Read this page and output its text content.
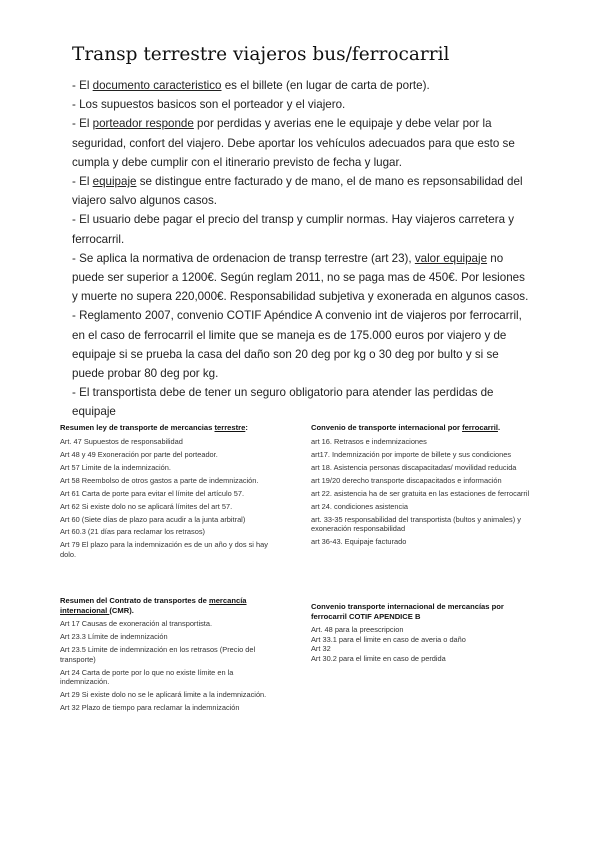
Transp terrestre viajeros bus/ferrocarril

- El documento caracteristico es el billete (en lugar de carta de porte).

- Los supuestos basicos son el porteador y el viajero.

- El porteador responde por perdidas y averias ene le equipaje y debe velar por la seguridad, confort del viajero. Debe aportar los vehículos adecuados para que esto se cumpla y debe cumplir con el itinerario previsto de fecha y lugar.

- El equipaje se distingue entre facturado y de mano, el de mano es repsonsabilidad del viajero salvo algunos casos.

- El usuario debe pagar el precio del transp y cumplir normas. Hay viajeros carretera y ferrocarril.

- Se aplica la normativa de ordenacion de transp terrestre (art 23), valor equipaje no puede ser superior a 1200€. Según reglam 2011, no se paga mas de 450€. Por lesiones y muerte no supera 220,000€. Responsabilidad subjetiva y exonerada en algunos casos.

- Reglamento 2007, convenio COTIF Apéndice A convenio int de viajeros por ferrocarril, en el caso de ferrocarril el limite que se maneja es de 175.000 euros por viajero y de equipaje si se prueba la casa del daño son 20 deg por kg o 30 deg por bulto y si se puede probar 80 deg por kg.

- El transportista debe de tener un seguro obligatorio para atender las perdidas de equipaje

Resumen ley de transporte de mercancias terrestre:
Art. 47 Supuestos de responsabilidad
Art 48 y 49 Exoneración por parte del porteador.
Art 57 Limite de la indemnización.
Art 58 Reembolso de otros gastos a parte de indemnización.
Art 61 Carta de porte para evitar el límite del artículo 57.
Art 62 Si existe dolo no se aplicará límites del art 57.
Art 60 (Siete días de plazo para acudir a la junta arbitral)
Art 60.3 (21 días para reclamar los retrasos)
Art 79 El plazo para la indemnización es de un año y dos si hay dolo.
Resumen del Contrato de transportes de mercancía internacional (CMR).
Art 17 Causas de exoneración al transportista.
Art 23.3 Límite de indemnización
Art 23.5 Limite de indemnización en los retrasos (Precio del transporte)
Art 24 Carta de porte por lo que no existe límite en la indemnización.
Art 29 Si existe dolo no se le aplicará limite a la indemnización.
Art 32 Plazo de tiempo para reclamar la indemnización
Convenio de transporte internacional por ferrocarril.
art 16. Retrasos e indemnizaciones
art17. Indemnización por importe de billete y sus condiciones
art 18. Asistencia personas discapacitadas/ movilidad reducida
art 19/20 derecho transporte discapacitados e información
art 22. asistencia ha de ser gratuita en las estaciones de ferrocarril
art 24. condiciones asistencia
art. 33-35 responsabilidad del transportista (bultos y animales) y exoneración responsabilidad
art 36-43. Equipaje facturado
Convenio transporte internacional de mercancías por ferrocarril COTIF APENDICE B
Art. 48 para la preescripcion
Art 33.1 para el limite en caso de averia o daño
Art 32
Art 30.2 para el limite en caso de perdida
